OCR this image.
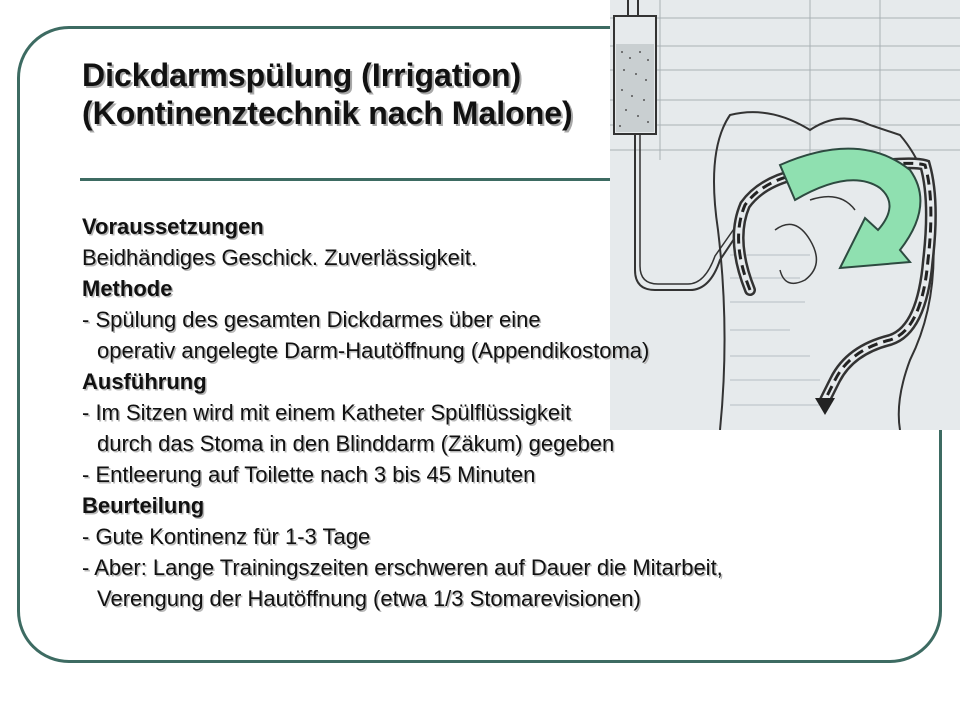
Dickdarmspülung (Irrigation)
(Kontinenztechnik nach Malone)
Voraussetzungen
Beidhändiges Geschick. Zuverlässigkeit.
Methode
- Spülung des gesamten Dickdarmes über eine
operativ angelegte Darm-Hautöffnung (Appendikostoma)
Ausführung
- Im Sitzen wird mit einem Katheter Spülflüssigkeit
durch das Stoma in den Blinddarm (Zäkum) gegeben
- Entleerung auf Toilette nach 3 bis 45 Minuten
Beurteilung
- Gute Kontinenz für 1-3 Tage
- Aber: Lange Trainingszeiten erschweren auf Dauer die Mitarbeit,
Verengung der Hautöffnung (etwa 1/3 Stomarevisionen)
